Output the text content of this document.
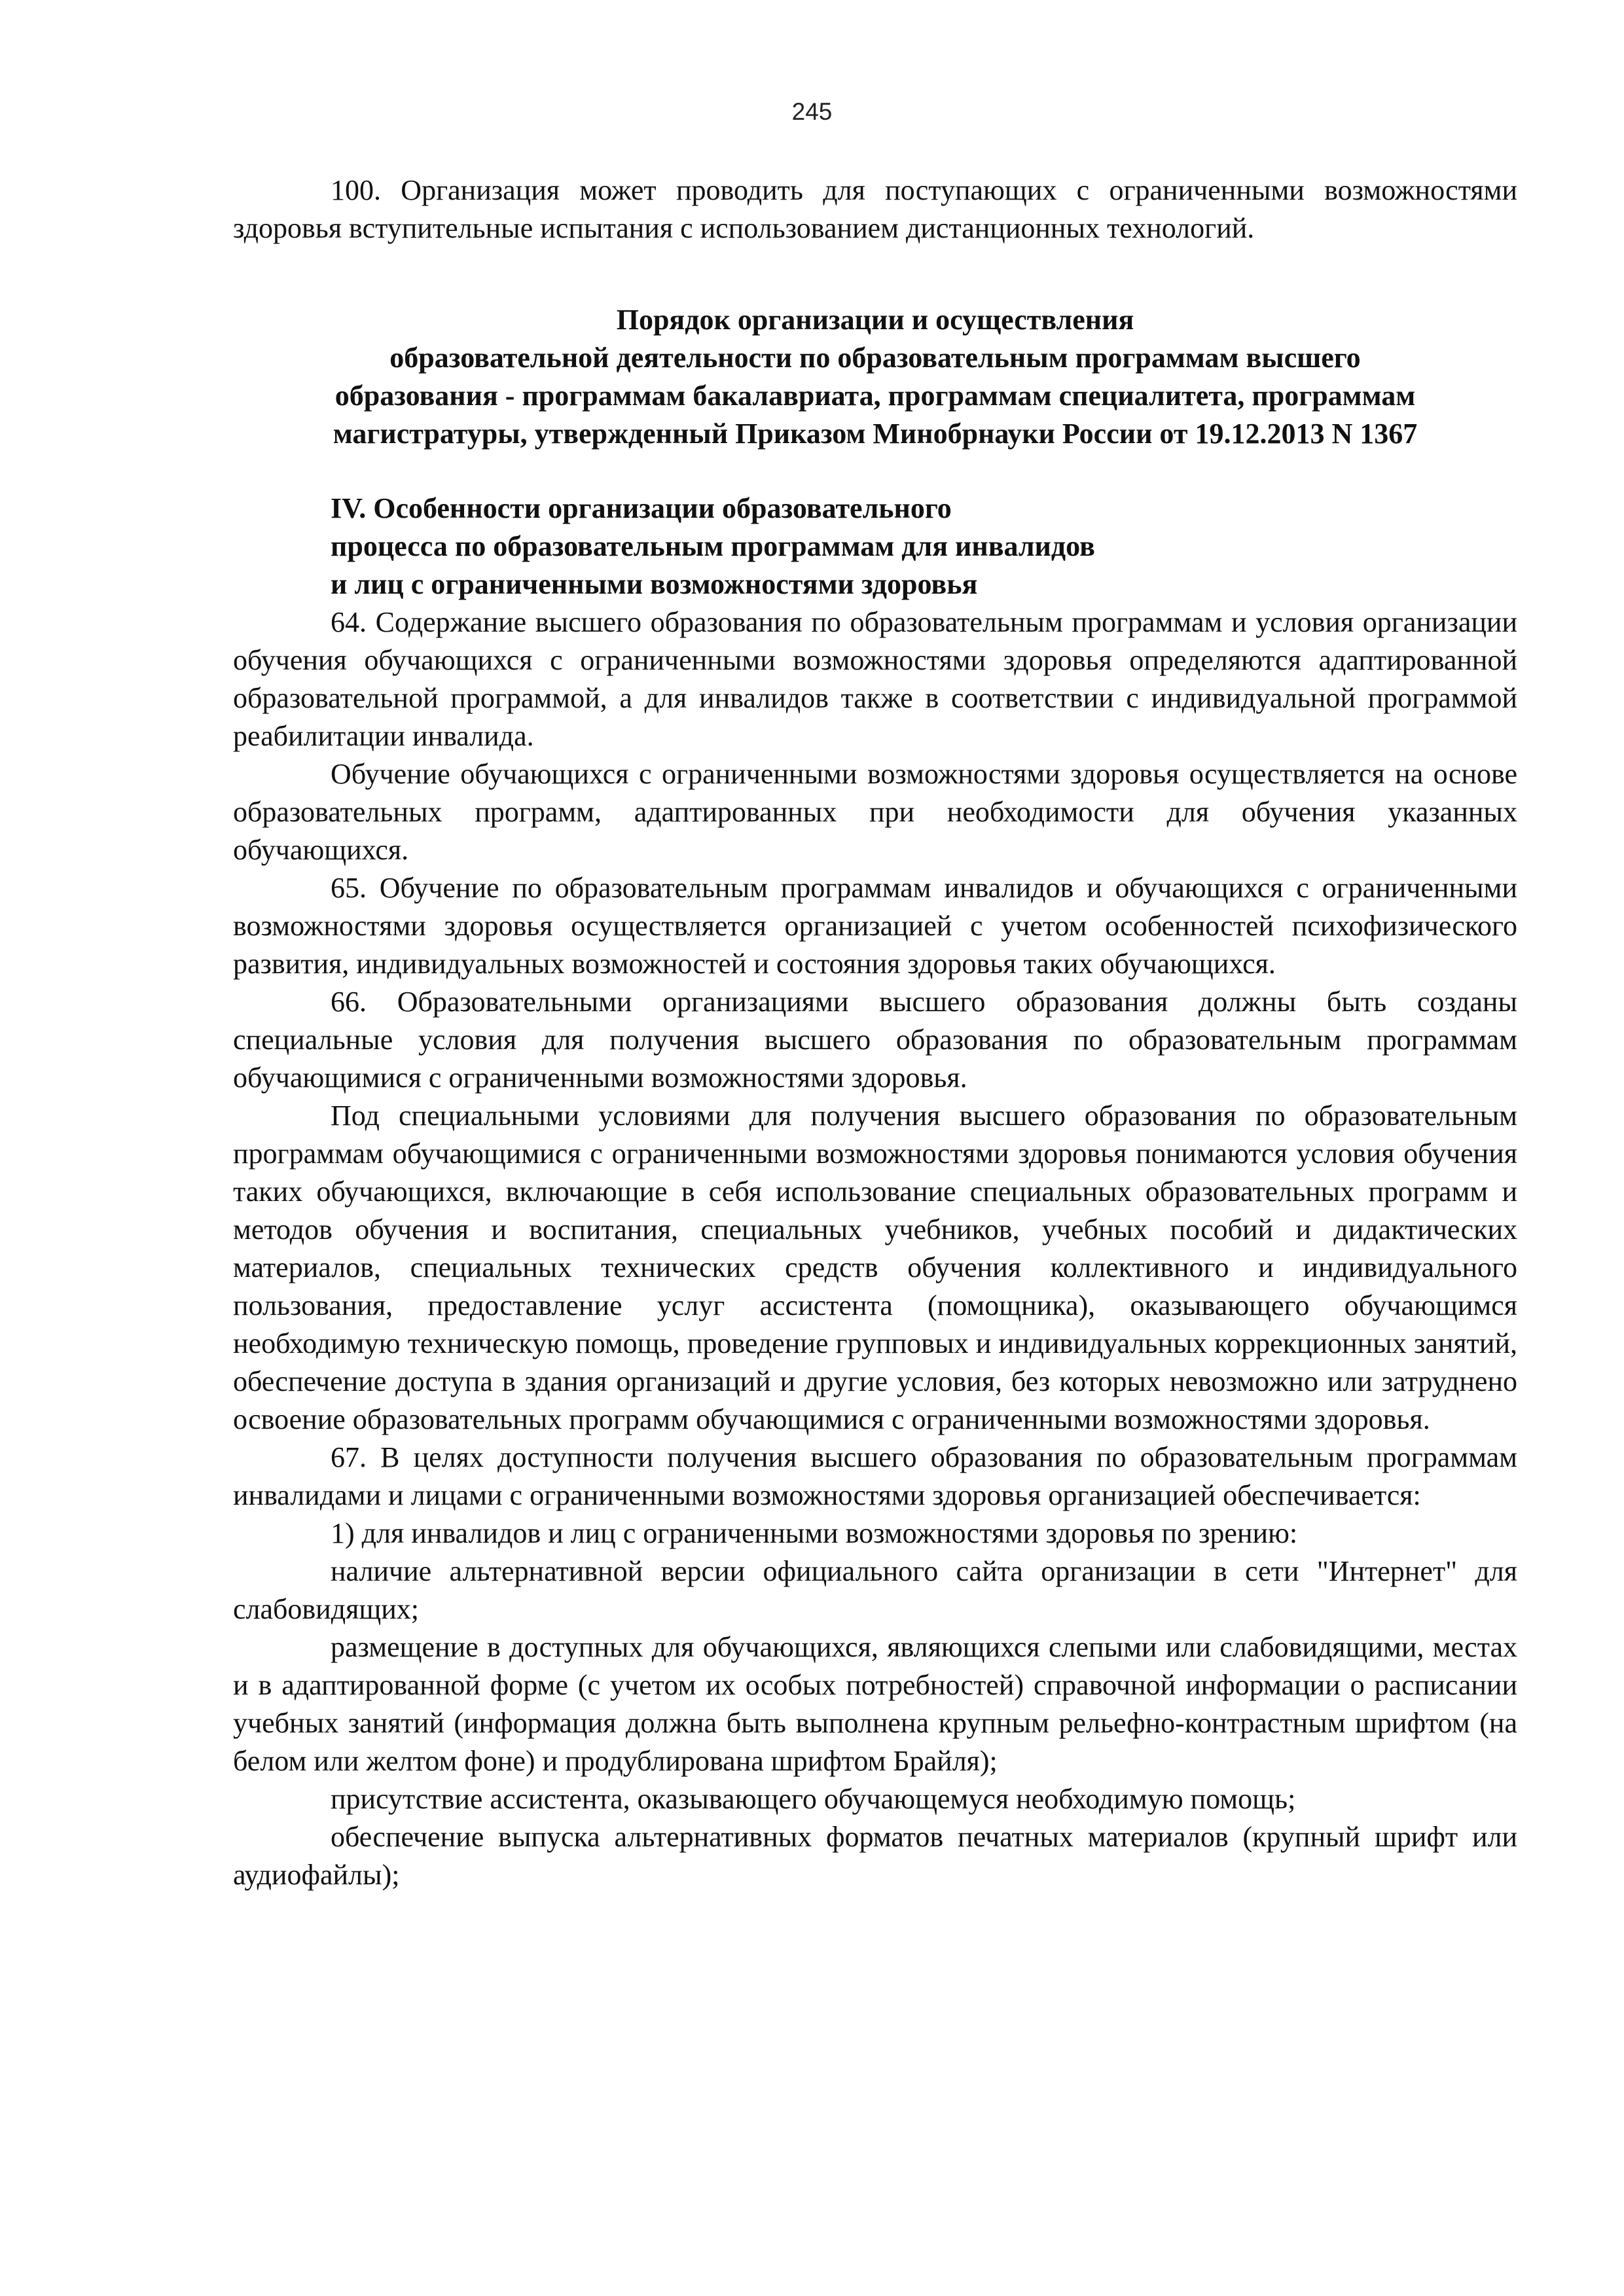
245

100. Организация может проводить для поступающих с ограниченными возможностями здоровья вступительные испытания с использованием дистанционных технологий.

Порядок организации и осуществления
образовательной деятельности по образовательным программам высшего
образования - программам бакалавриата, программам специалитета, программам
магистратуры, утвержденный Приказом Минобрнауки России от 19.12.2013 N 1367
IV. Особенности организации образовательного
процесса по образовательным программам для инвалидов
и лиц с ограниченными возможностями здоровья

64. Содержание высшего образования по образовательным программам и условия организации обучения обучающихся с ограниченными возможностями здоровья определяются адаптированной образовательной программой, а для инвалидов также в соответствии с индивидуальной программой реабилитации инвалида.

Обучение обучающихся с ограниченными возможностями здоровья осуществляется на основе образовательных программ, адаптированных при необходимости для обучения указанных обучающихся.

65. Обучение по образовательным программам инвалидов и обучающихся с ограниченными возможностями здоровья осуществляется организацией с учетом особенностей психофизического развития, индивидуальных возможностей и состояния здоровья таких обучающихся.

66. Образовательными организациями высшего образования должны быть созданы специальные условия для получения высшего образования по образовательным программам обучающимися с ограниченными возможностями здоровья.

Под специальными условиями для получения высшего образования по образовательным программам обучающимися с ограниченными возможностями здоровья понимаются условия обучения таких обучающихся, включающие в себя использование специальных образовательных программ и методов обучения и воспитания, специальных учебников, учебных пособий и дидактических материалов, специальных технических средств обучения коллективного и индивидуального пользования, предоставление услуг ассистента (помощника), оказывающего обучающимся необходимую техническую помощь, проведение групповых и индивидуальных коррекционных занятий, обеспечение доступа в здания организаций и другие условия, без которых невозможно или затруднено освоение образовательных программ обучающимися с ограниченными возможностями здоровья.

67. В целях доступности получения высшего образования по образовательным программам инвалидами и лицами с ограниченными возможностями здоровья организацией обеспечивается:

1) для инвалидов и лиц с ограниченными возможностями здоровья по зрению:

наличие альтернативной версии официального сайта организации в сети "Интернет" для слабовидящих;

размещение в доступных для обучающихся, являющихся слепыми или слабовидящими, местах и в адаптированной форме (с учетом их особых потребностей) справочной информации о расписании учебных занятий (информация должна быть выполнена крупным рельефно-контрастным шрифтом (на белом или желтом фоне) и продублирована шрифтом Брайля);

присутствие ассистента, оказывающего обучающемуся необходимую помощь;

обеспечение выпуска альтернативных форматов печатных материалов (крупный шрифт или аудиофайлы);
